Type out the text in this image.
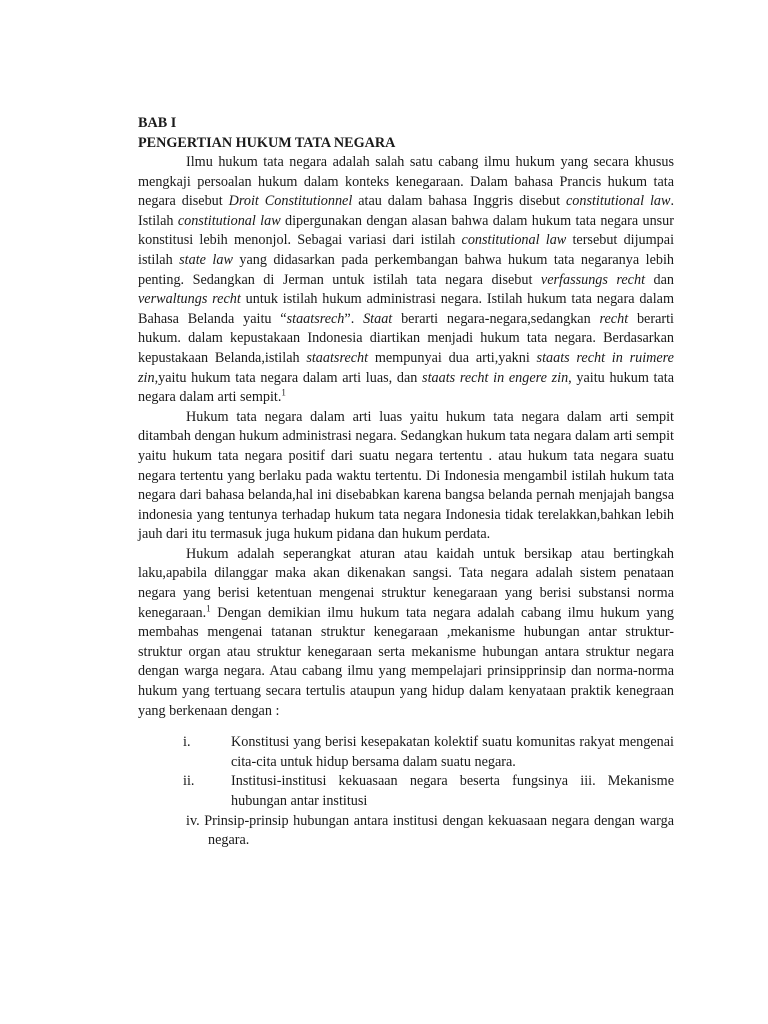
BAB I
PENGERTIAN HUKUM TATA NEGARA

Ilmu hukum tata negara adalah salah satu cabang ilmu hukum yang secara khusus mengkaji persoalan hukum dalam konteks kenegaraan. Dalam bahasa Prancis hukum tata negara disebut Droit Constitutionnel atau dalam bahasa Inggris disebut constitutional law. Istilah constitutional law dipergunakan dengan alasan bahwa dalam hukum tata negara unsur konstitusi lebih menonjol. Sebagai variasi dari istilah constitutional law tersebut dijumpai istilah state law yang didasarkan pada perkembangan bahwa hukum tata negaranya lebih penting. Sedangkan di Jerman untuk istilah tata negara disebut verfassungs recht dan verwaltungs recht untuk istilah hukum administrasi negara. Istilah hukum tata negara dalam Bahasa Belanda yaitu “staatsrech”. Staat berarti negara-negara,sedangkan recht berarti hukum. dalam kepustakaan Indonesia diartikan menjadi hukum tata negara. Berdasarkan kepustakaan Belanda,istilah staatsrecht mempunyai dua arti,yakni staats recht in ruimere zin,yaitu hukum tata negara dalam arti luas, dan staats recht in engere zin, yaitu hukum tata negara dalam arti sempit.$^1$

Hukum tata negara dalam arti luas yaitu hukum tata negara dalam arti sempit ditambah dengan hukum administrasi negara. Sedangkan hukum tata negara dalam arti sempit yaitu hukum tata negara positif dari suatu negara tertentu . atau hukum tata negara suatu negara tertentu yang berlaku pada waktu tertentu. Di Indonesia mengambil istilah hukum tata negara dari bahasa belanda,hal ini disebabkan karena bangsa belanda pernah menjajah bangsa indonesia yang tentunya terhadap hukum tata negara Indonesia tidak terelakkan,bahkan lebih jauh dari itu termasuk juga hukum pidana dan hukum perdata.

Hukum adalah seperangkat aturan atau kaidah untuk bersikap atau bertingkah laku,apabila dilanggar maka akan dikenakan sangsi. Tata negara adalah sistem penataan negara yang berisi ketentuan mengenai struktur kenegaraan yang berisi substansi norma kenegaraan.$^1$ Dengan demikian ilmu hukum tata negara adalah cabang ilmu hukum yang membahas mengenai tatanan struktur kenegaraan ,mekanisme hubungan antar struktur-struktur organ atau struktur kenegaraan serta mekanisme hubungan antara struktur negara dengan warga negara. Atau cabang ilmu yang mempelajari prinsipprinsip dan norma-norma hukum yang tertuang secara tertulis ataupun yang hidup dalam kenyataan praktik kenegraan yang berkenaan dengan :

i.	Konstitusi yang berisi kesepakatan kolektif suatu komunitas rakyat mengenai cita-cita untuk hidup bersama dalam suatu negara.
ii.	Institusi-institusi kekuasaan negara beserta fungsinya iii. Mekanisme hubungan antar institusi
iv. Prinsip-prinsip hubungan antara institusi dengan kekuasaan negara dengan warga negara.
